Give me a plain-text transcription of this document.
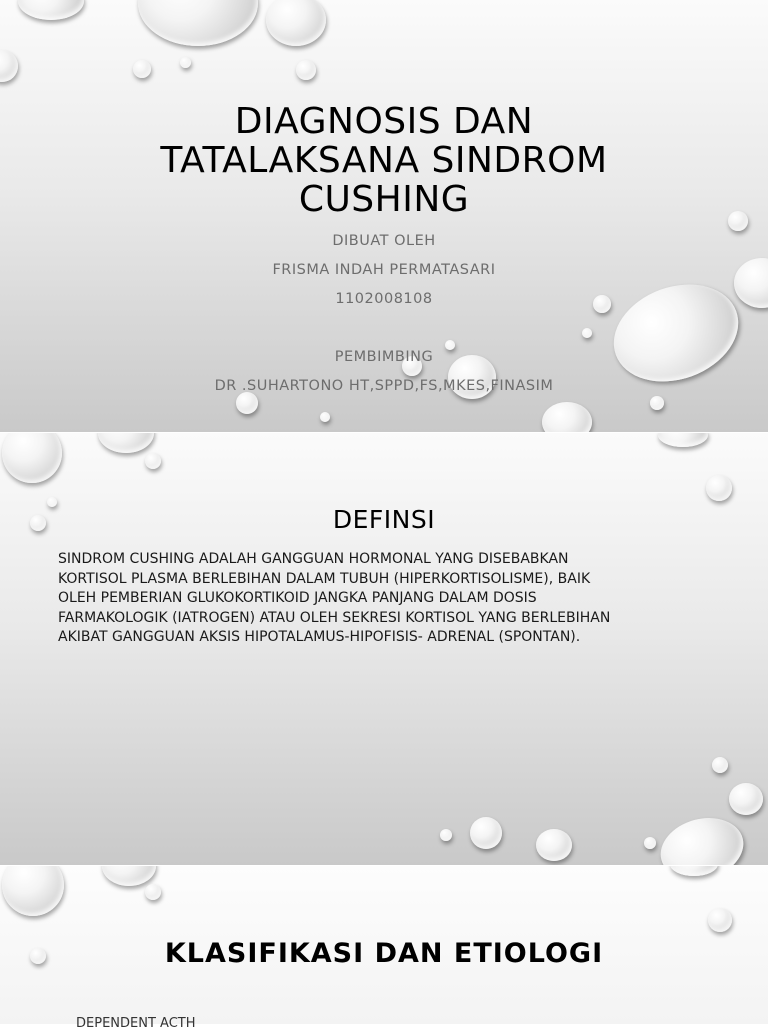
DIAGNOSIS DAN
TATALAKSANA SINDROM
CUSHING
DIBUAT OLEH
FRISMA INDAH PERMATASARI
1102008108
PEMBIMBING
DR .SUHARTONO HT,SPPD,FS,MKES,FINASIM
DEFINSI
SINDROM CUSHING ADALAH GANGGUAN HORMONAL YANG DISEBABKAN
KORTISOL PLASMA BERLEBIHAN DALAM TUBUH (HIPERKORTISOLISME), BAIK
OLEH PEMBERIAN GLUKOKORTIKOID JANGKA PANJANG DALAM DOSIS
FARMAKOLOGIK (IATROGEN) ATAU OLEH SEKRESI KORTISOL YANG BERLEBIHAN
AKIBAT GANGGUAN AKSIS HIPOTALAMUS-HIPOFISIS- ADRENAL (SPONTAN).
KLASIFIKASI DAN ETIOLOGI
DEPENDENT ACTH
